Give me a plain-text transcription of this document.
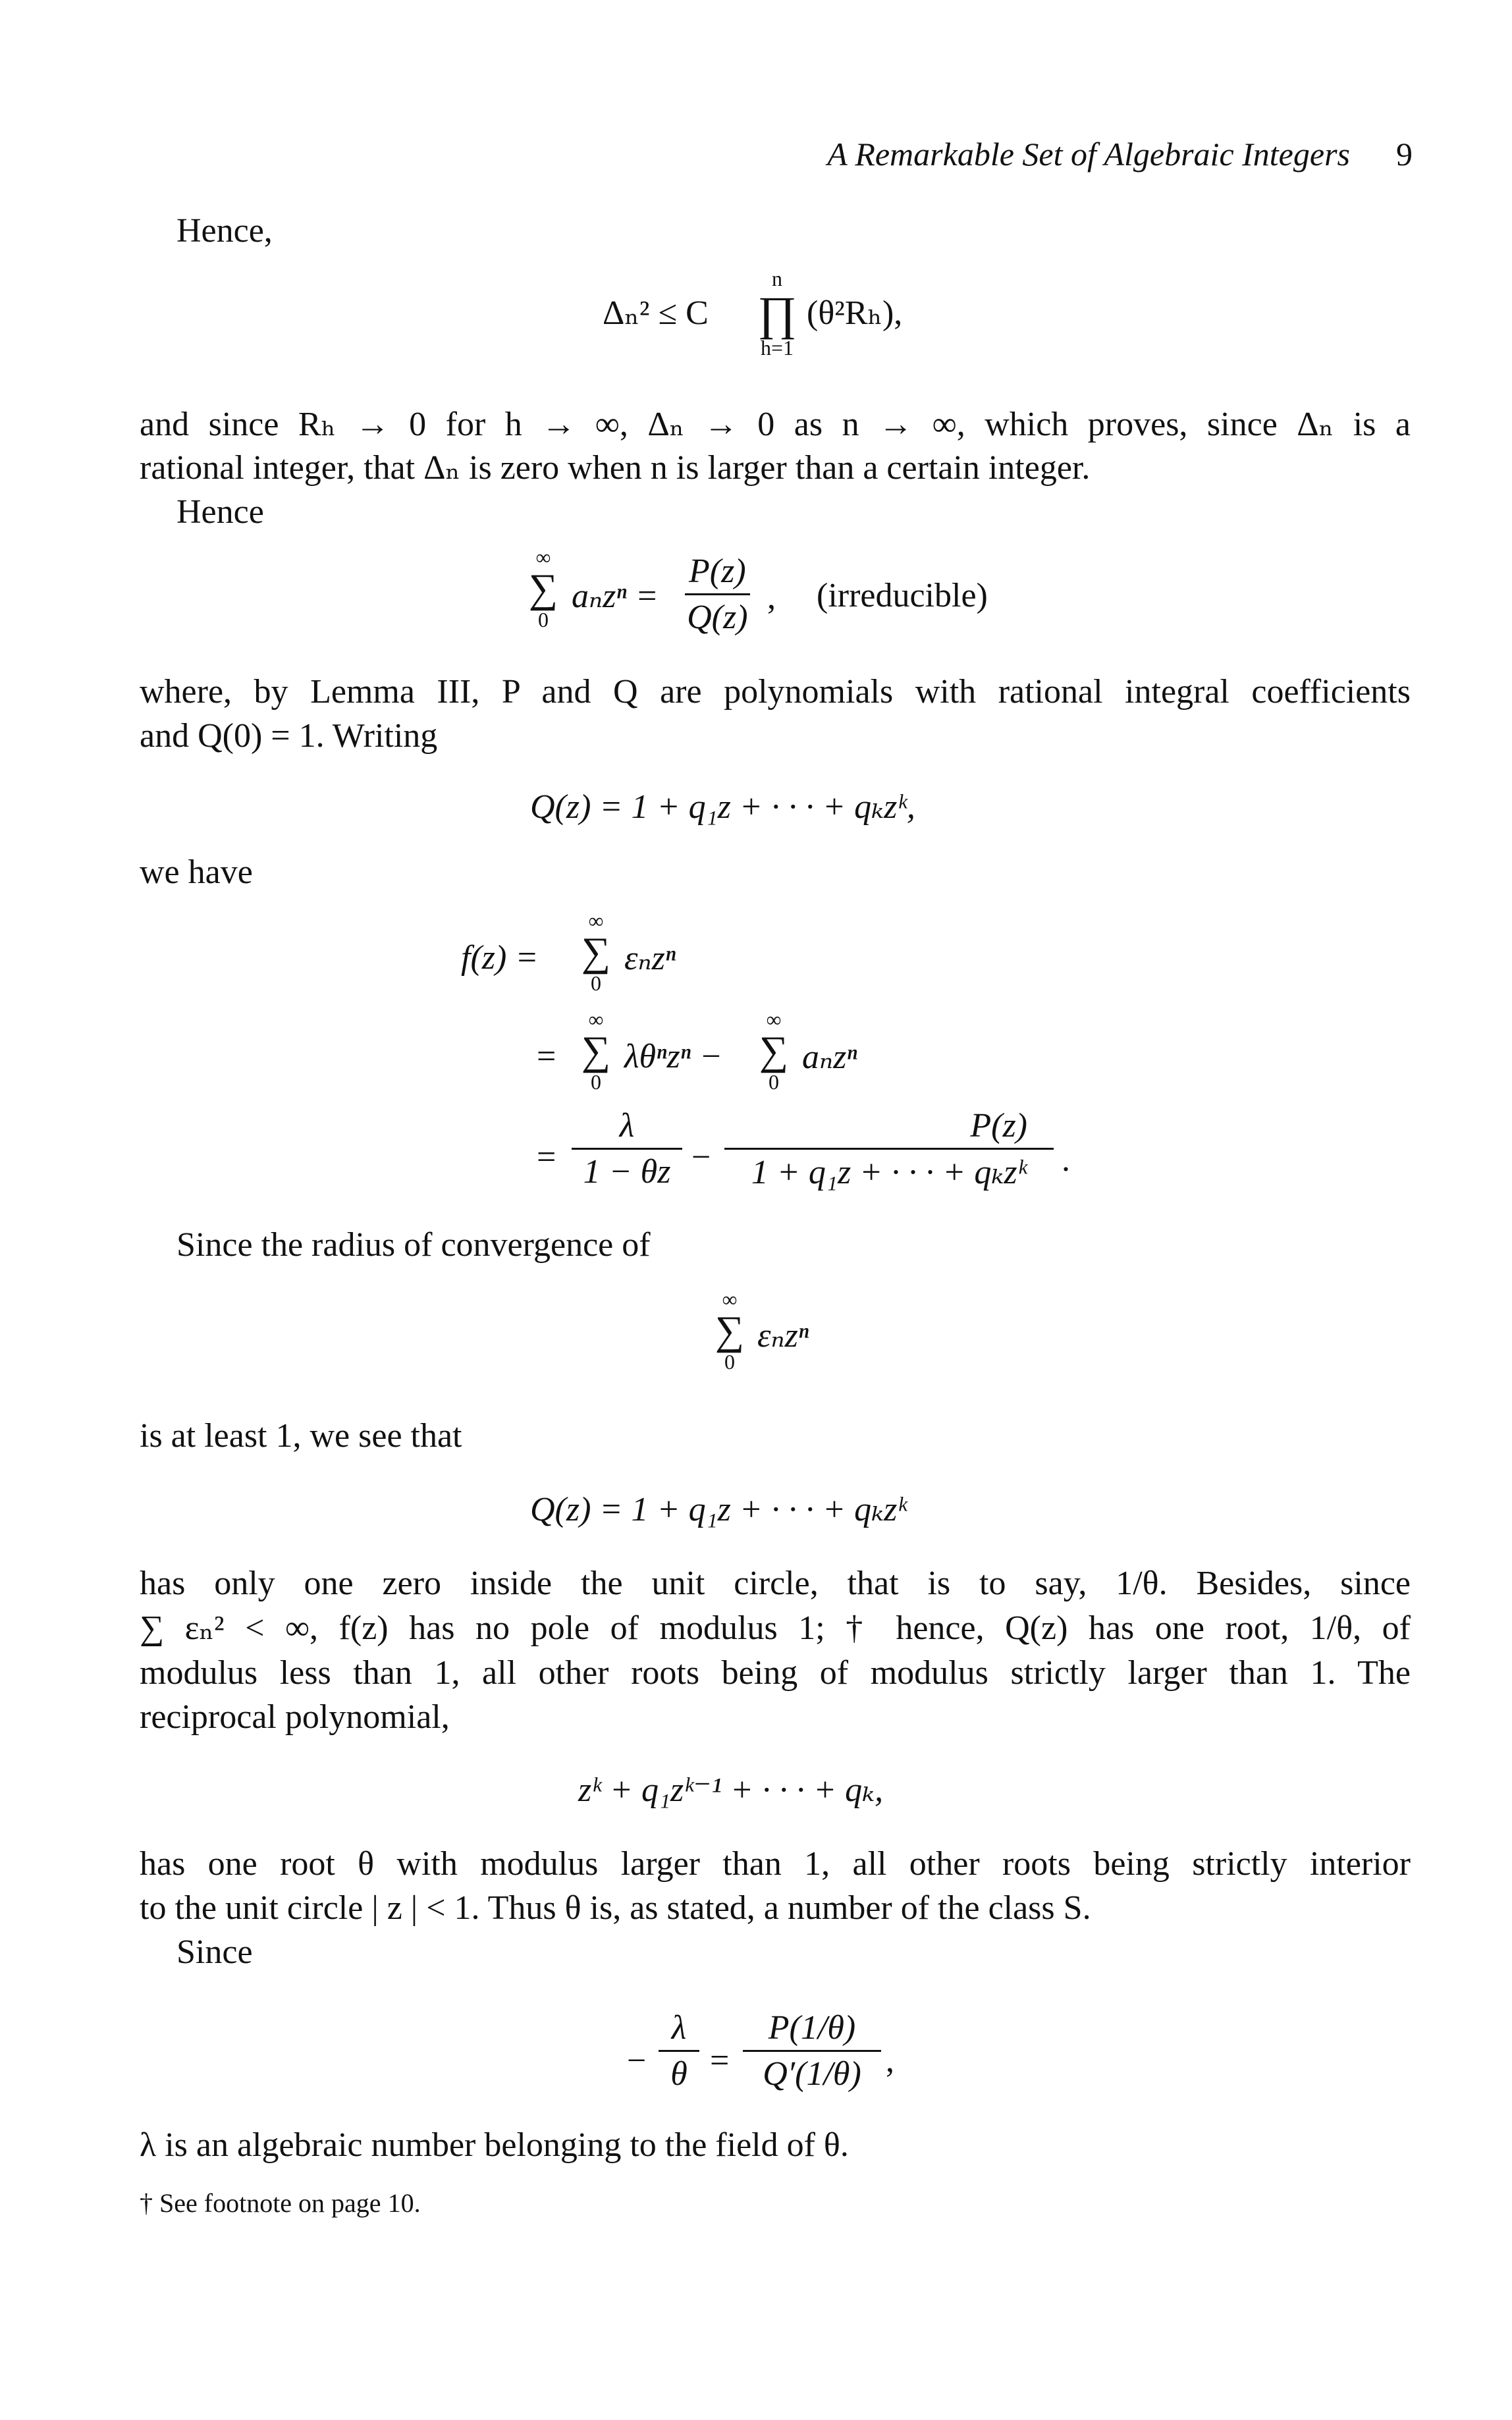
A Remarkable Set of Algebraic Integers 9
Hence,
Δₙ² ≤ C
n
∏
h=1
(θ²Rₕ),
and since Rₕ → 0 for h → ∞, Δₙ → 0 as n → ∞, which proves, since Δₙ is a
rational integer, that Δₙ is zero when n is larger than a certain integer.
Hence
∞
∑
0
$a_nz^n = \frac{P(z)}{Q(z)}$ , (irreducible)
where, by Lemma III, P and Q are polynomials with rational integral coefficients
and Q(0) = 1. Writing
Q(z) = 1 + q₁z + · · · + qₖzᵏ,
we have
f(z) =
∞
∑
0
εₙzⁿ
=
∞
∑
0
λθⁿzⁿ −
∞
∑
0
aₙzⁿ
= $\frac{\lambda}{1 - \theta z}$ −
P(z)
1 + q₁z + · · · + qₖzᵏ	.
Since the radius of convergence of
∞
∑
0
εₙzⁿ
is at least 1, we see that
Q(z) = 1 + q₁z + · · · + qₖzᵏ
has only one zero inside the unit circle, that is to say, 1/θ. Besides, since
∑ εₙ² < ∞, f(z) has no pole of modulus 1; † hence, Q(z) has one root, 1/θ, of
modulus less than 1, all other roots being of modulus strictly larger than 1. The
reciprocal polynomial,
zᵏ + q₁zᵏ⁻¹ + · · · + qₖ,
has one root θ with modulus larger than 1, all other roots being strictly interior
to the unit circle | z | < 1. Thus θ is, as stated, a number of the class S.
Since
− $\frac{\lambda}{\theta} = \frac{P(1/\theta)}{Q'(1/\theta)}$ ,
λ is an algebraic number belonging to the field of θ.
† See footnote on page 10.
